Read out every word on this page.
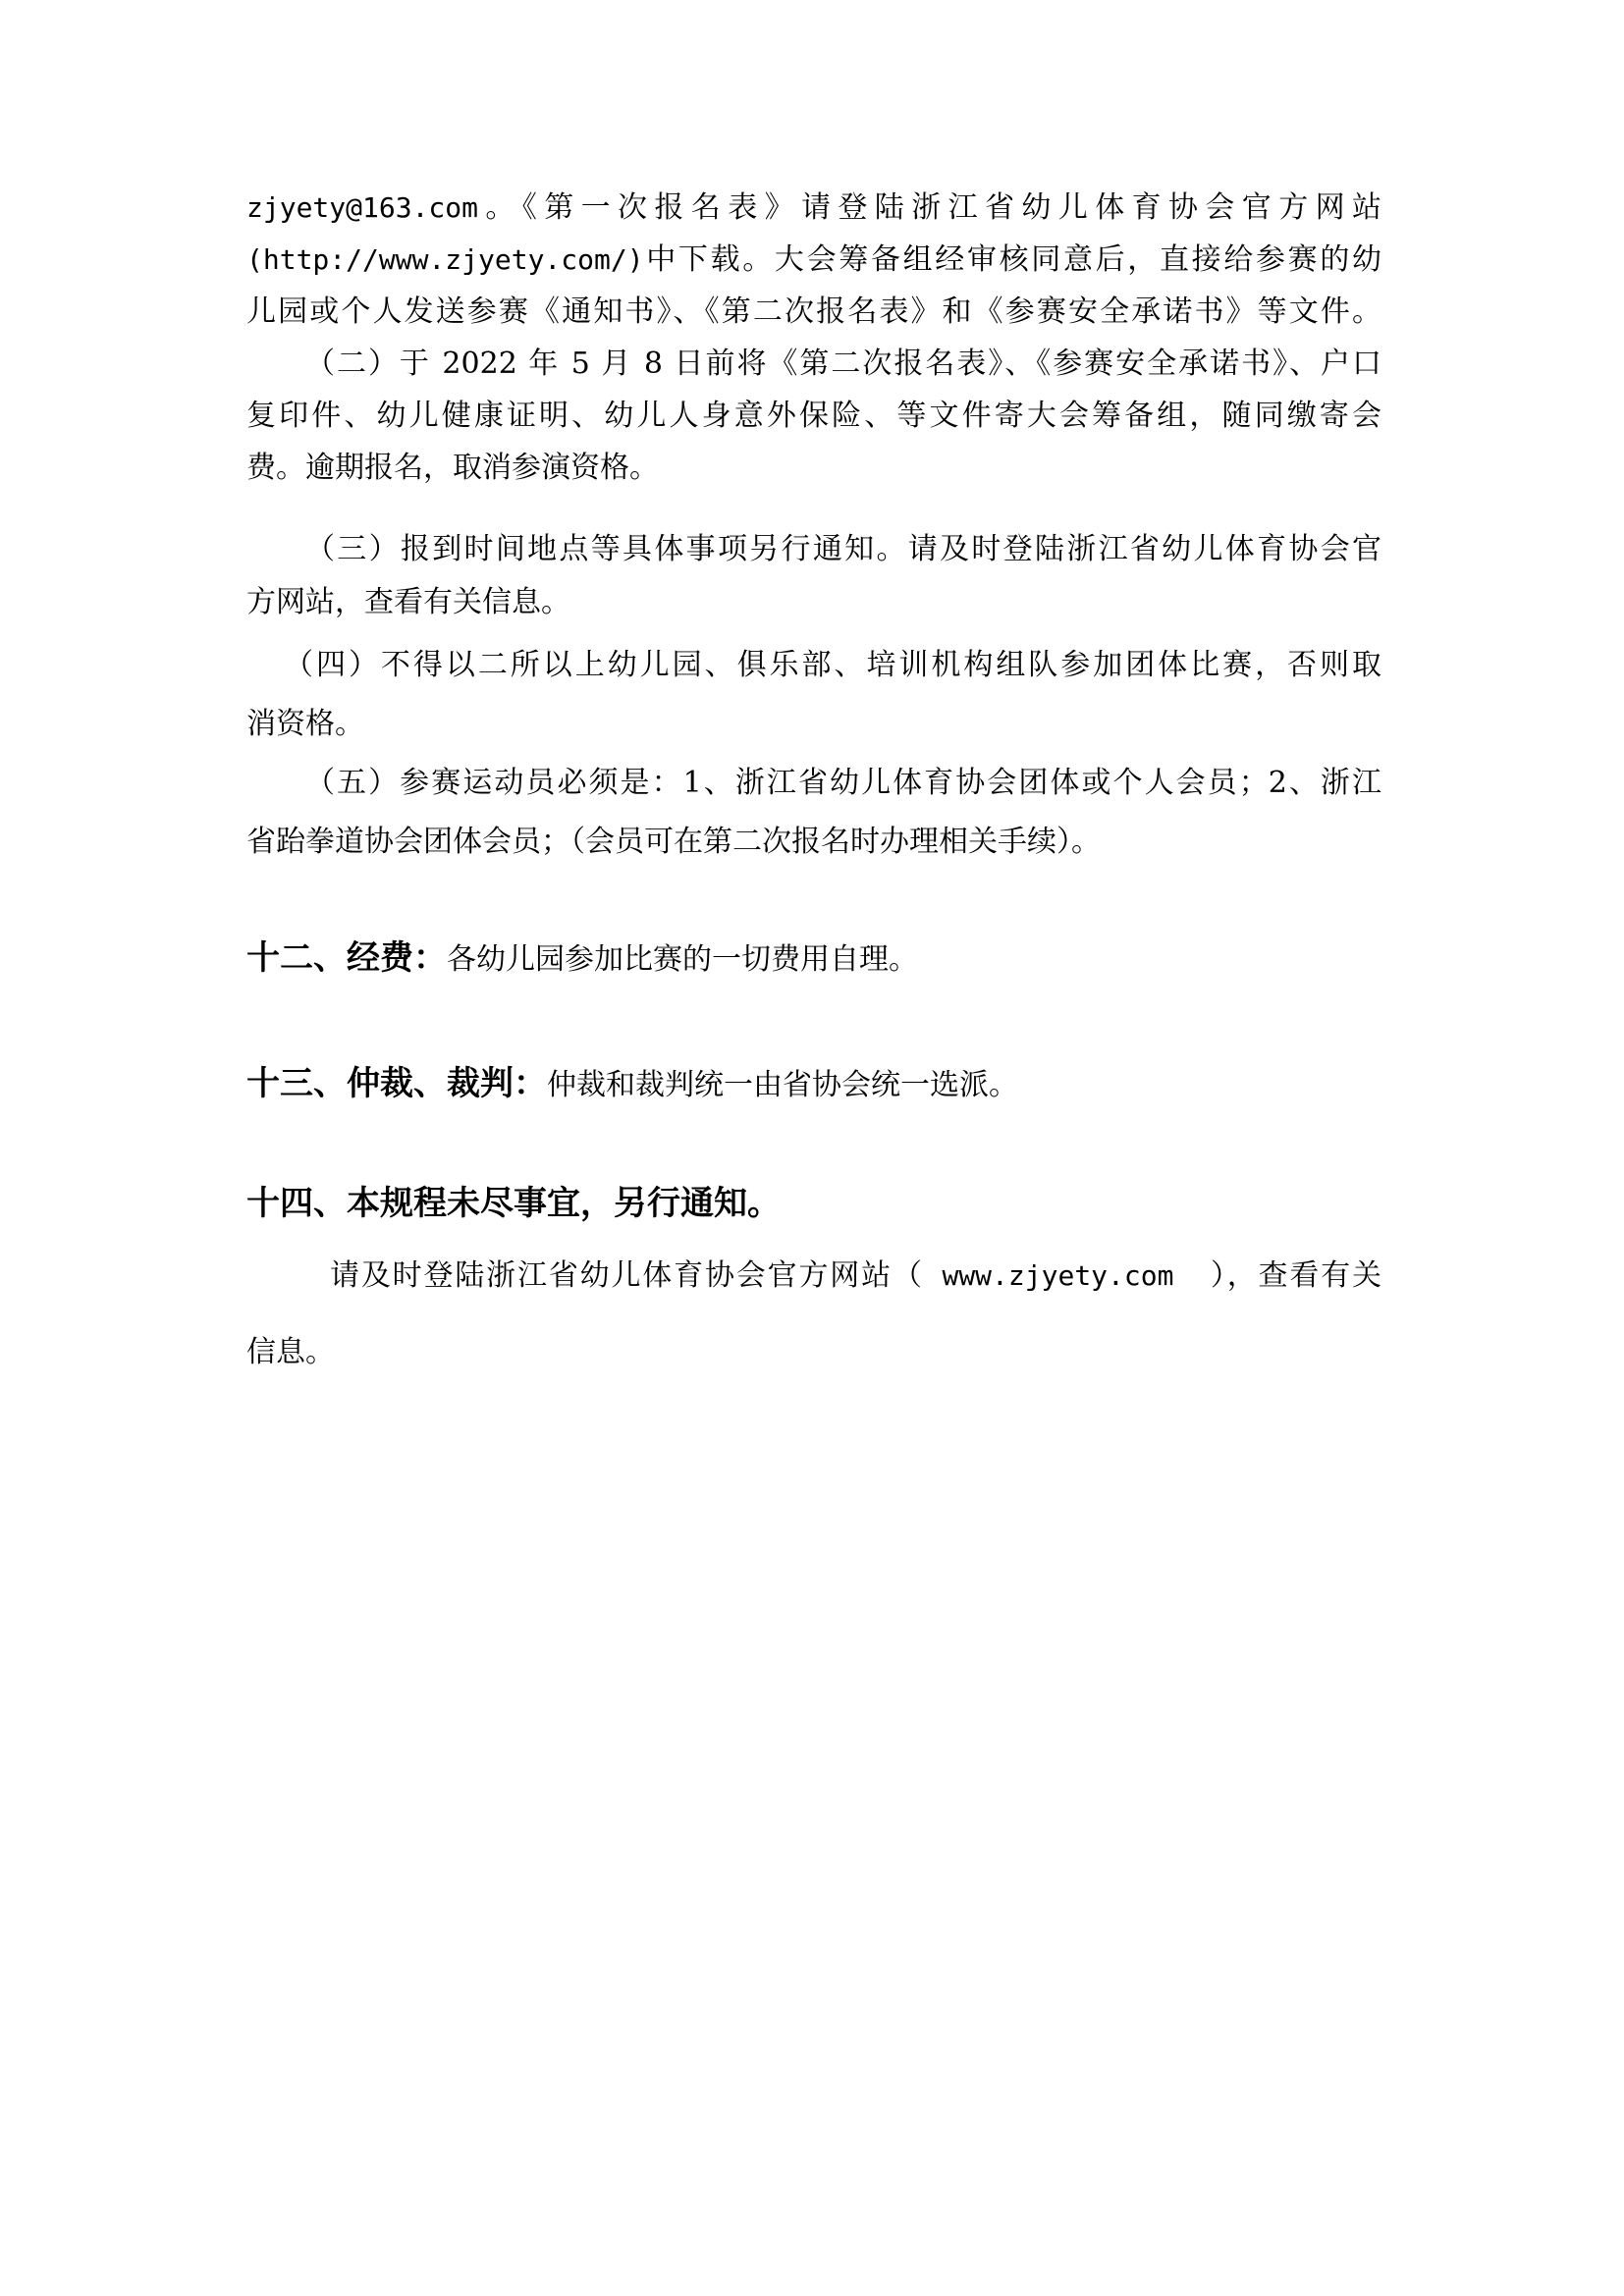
zjyety@163.com。《第一次报名表》请登陆浙江省幼儿体育协会官方网站
(http://www.zjyety.com/)中下载。大会筹备组经审核同意后，直接给参赛的幼
儿园或个人发送参赛《通知书》、《第二次报名表》和《参赛安全承诺书》等文件。
（二）于 2022 年 5 月 8 日前将《第二次报名表》、《参赛安全承诺书》、户口
复印件、幼儿健康证明、幼儿人身意外保险、等文件寄大会筹备组，随同缴寄会
费。逾期报名，取消参演资格。
（三）报到时间地点等具体事项另行通知。请及时登陆浙江省幼儿体育协会官
方网站，查看有关信息。
（四）不得以二所以上幼儿园、俱乐部、培训机构组队参加团体比赛，否则取
消资格。
（五）参赛运动员必须是：1、浙江省幼儿体育协会团体或个人会员；2、浙江
省跆拳道协会团体会员；（会员可在第二次报名时办理相关手续）。
十二、经费：各幼儿园参加比赛的一切费用自理。
十三、仲裁、裁判：仲裁和裁判统一由省协会统一选派。
十四、本规程未尽事宜，另行通知。
请及时登陆浙江省幼儿体育协会官方网站（ www.zjyety.com  ），查看有关
信息。
